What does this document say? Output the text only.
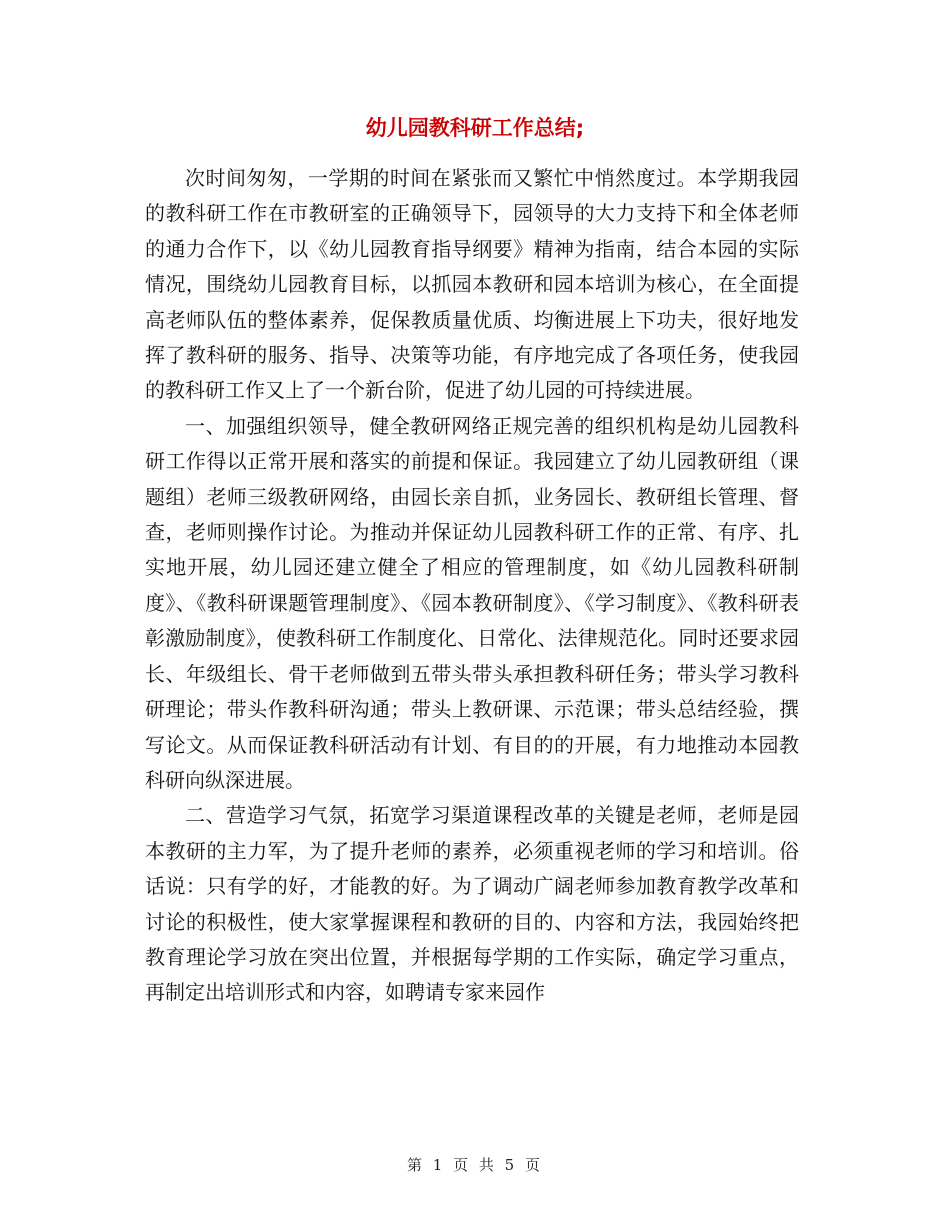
幼儿园教科研工作总结;

次时间匆匆，一学期的时间在紧张而又繁忙中悄然度过。本学期我园的教科研工作在市教研室的正确领导下，园领导的大力支持下和全体老师的通力合作下，以《幼儿园教育指导纲要》精神为指南，结合本园的实际情况，围绕幼儿园教育目标，以抓园本教研和园本培训为核心，在全面提高老师队伍的整体素养，促保教质量优质、均衡进展上下功夫，很好地发挥了教科研的服务、指导、决策等功能，有序地完成了各项任务，使我园的教科研工作又上了一个新台阶，促进了幼儿园的可持续进展。

一、加强组织领导，健全教研网络正规完善的组织机构是幼儿园教科研工作得以正常开展和落实的前提和保证。我园建立了幼儿园教研组（课题组）老师三级教研网络，由园长亲自抓，业务园长、教研组长管理、督查，老师则操作讨论。为推动并保证幼儿园教科研工作的正常、有序、扎实地开展，幼儿园还建立健全了相应的管理制度，如《幼儿园教科研制度》、《教科研课题管理制度》、《园本教研制度》、《学习制度》、《教科研表彰激励制度》，使教科研工作制度化、日常化、法律规范化。同时还要求园长、年级组长、骨干老师做到五带头带头承担教科研任务；带头学习教科研理论；带头作教科研沟通；带头上教研课、示范课；带头总结经验，撰写论文。从而保证教科研活动有计划、有目的的开展，有力地推动本园教科研向纵深进展。

二、营造学习气氛，拓宽学习渠道课程改革的关键是老师，老师是园本教研的主力军，为了提升老师的素养，必须重视老师的学习和培训。俗话说：只有学的好，才能教的好。为了调动广阔老师参加教育教学改革和讨论的积极性，使大家掌握课程和教研的目的、内容和方法，我园始终把教育理论学习放在突出位置，并根据每学期的工作实际，确定学习重点，再制定出培训形式和内容，如聘请专家来园作

第 1 页 共 5 页
